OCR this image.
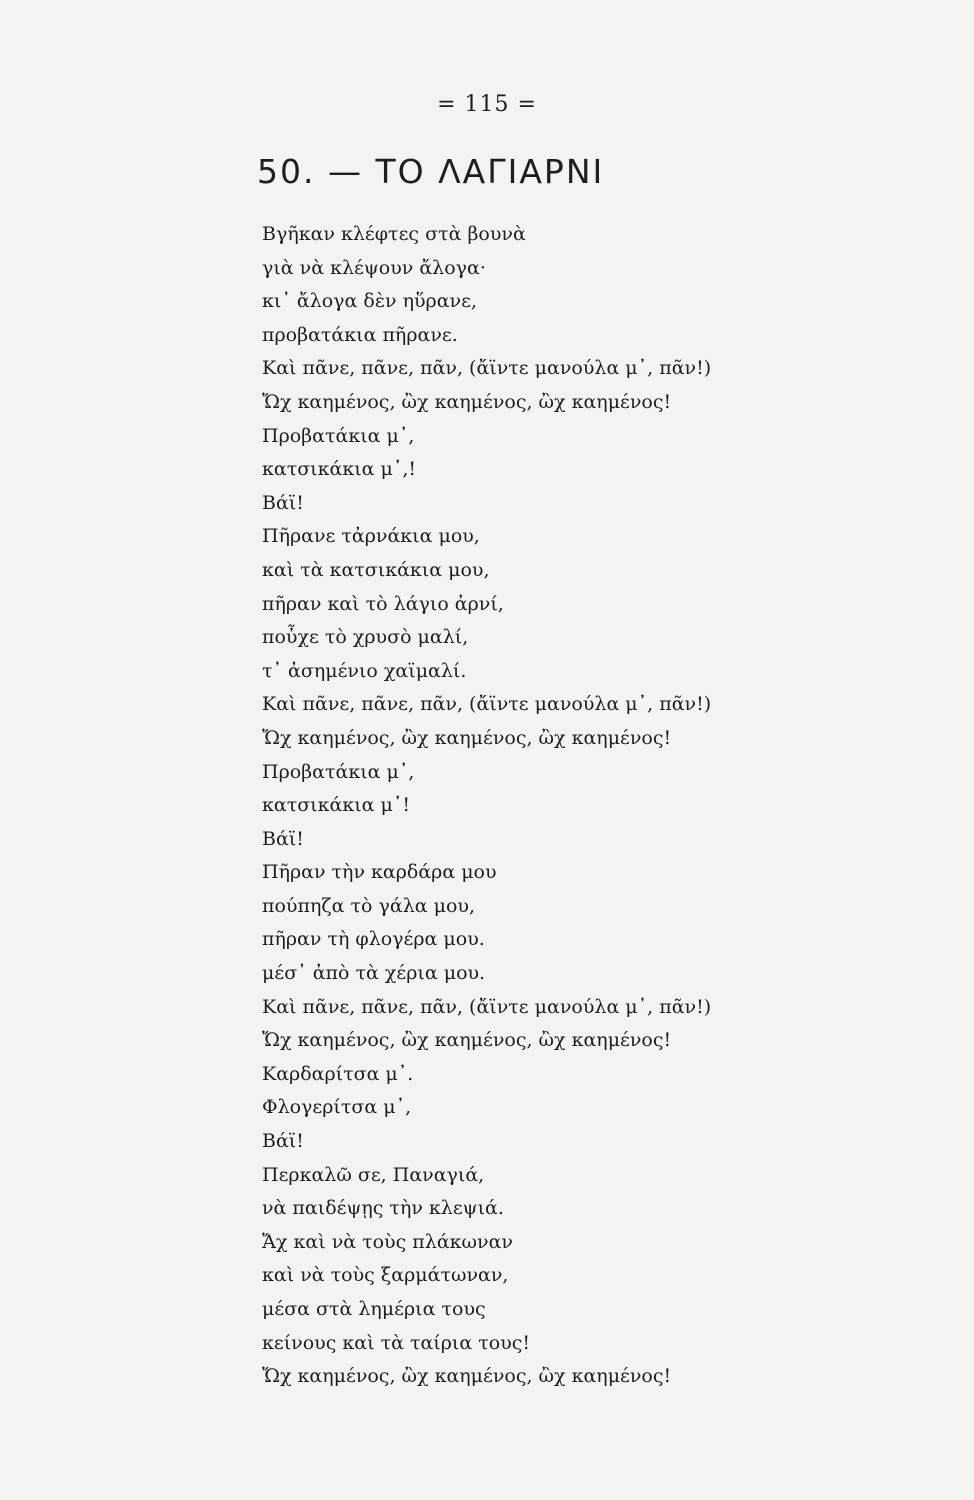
= 115 =
50. — ΤΟ ΛΑΓΙΑΡΝΙ
Βγῆκαν κλέφτες στὰ βουνὰ
γιὰ νὰ κλέψουν ἄλογα·
κι᾿ ἄλογα δὲν ηὕρανε,
προβατάκια πῆρανε.
Καὶ πᾶνε, πᾶνε, πᾶν, (ἄϊντε μανούλα μ᾿, πᾶν!)
Ὤχ καημένος, ὢχ καημένος, ὢχ καημένος!
Προβατάκια μ᾿,
κατσικάκια μ᾿,!
Βάϊ!
Πῆρανε τἀρνάκια μου,
καὶ τὰ κατσικάκια μου,
πῆραν καὶ τὸ λάγιο ἀρνί,
ποὖχε τὸ χρυσὸ μαλί,
τ᾿ ἀσημένιο χαϊμαλί.
Καὶ πᾶνε, πᾶνε, πᾶν, (ἄϊντε μανούλα μ᾿, πᾶν!)
Ὤχ καημένος, ὢχ καημένος, ὢχ καημένος!
Προβατάκια μ᾿,
κατσικάκια μ᾿!
Βάϊ!
Πῆραν τὴν καρδάρα μου
πούπηζα τὸ γάλα μου,
πῆραν τὴ φλογέρα μου.
μέσ᾿ ἀπὸ τὰ χέρια μου.
Καὶ πᾶνε, πᾶνε, πᾶν, (ἄϊντε μανούλα μ᾿, πᾶν!)
Ὤχ καημένος, ὢχ καημένος, ὢχ καημένος!
Καρδαρίτσα μ᾿.
Φλογερίτσα μ᾿,
Βάϊ!
Περκαλῶ σε, Παναγιά,
νὰ παιδέψῃς τὴν κλεψιά.
Ἄχ καὶ νὰ τοὺς πλάκωναν
καὶ νὰ τοὺς ξαρμάτωναν,
μέσα στὰ λημέρια τους
κείνους καὶ τὰ ταίρια τους!
Ὤχ καημένος, ὢχ καημένος, ὢχ καημένος!
